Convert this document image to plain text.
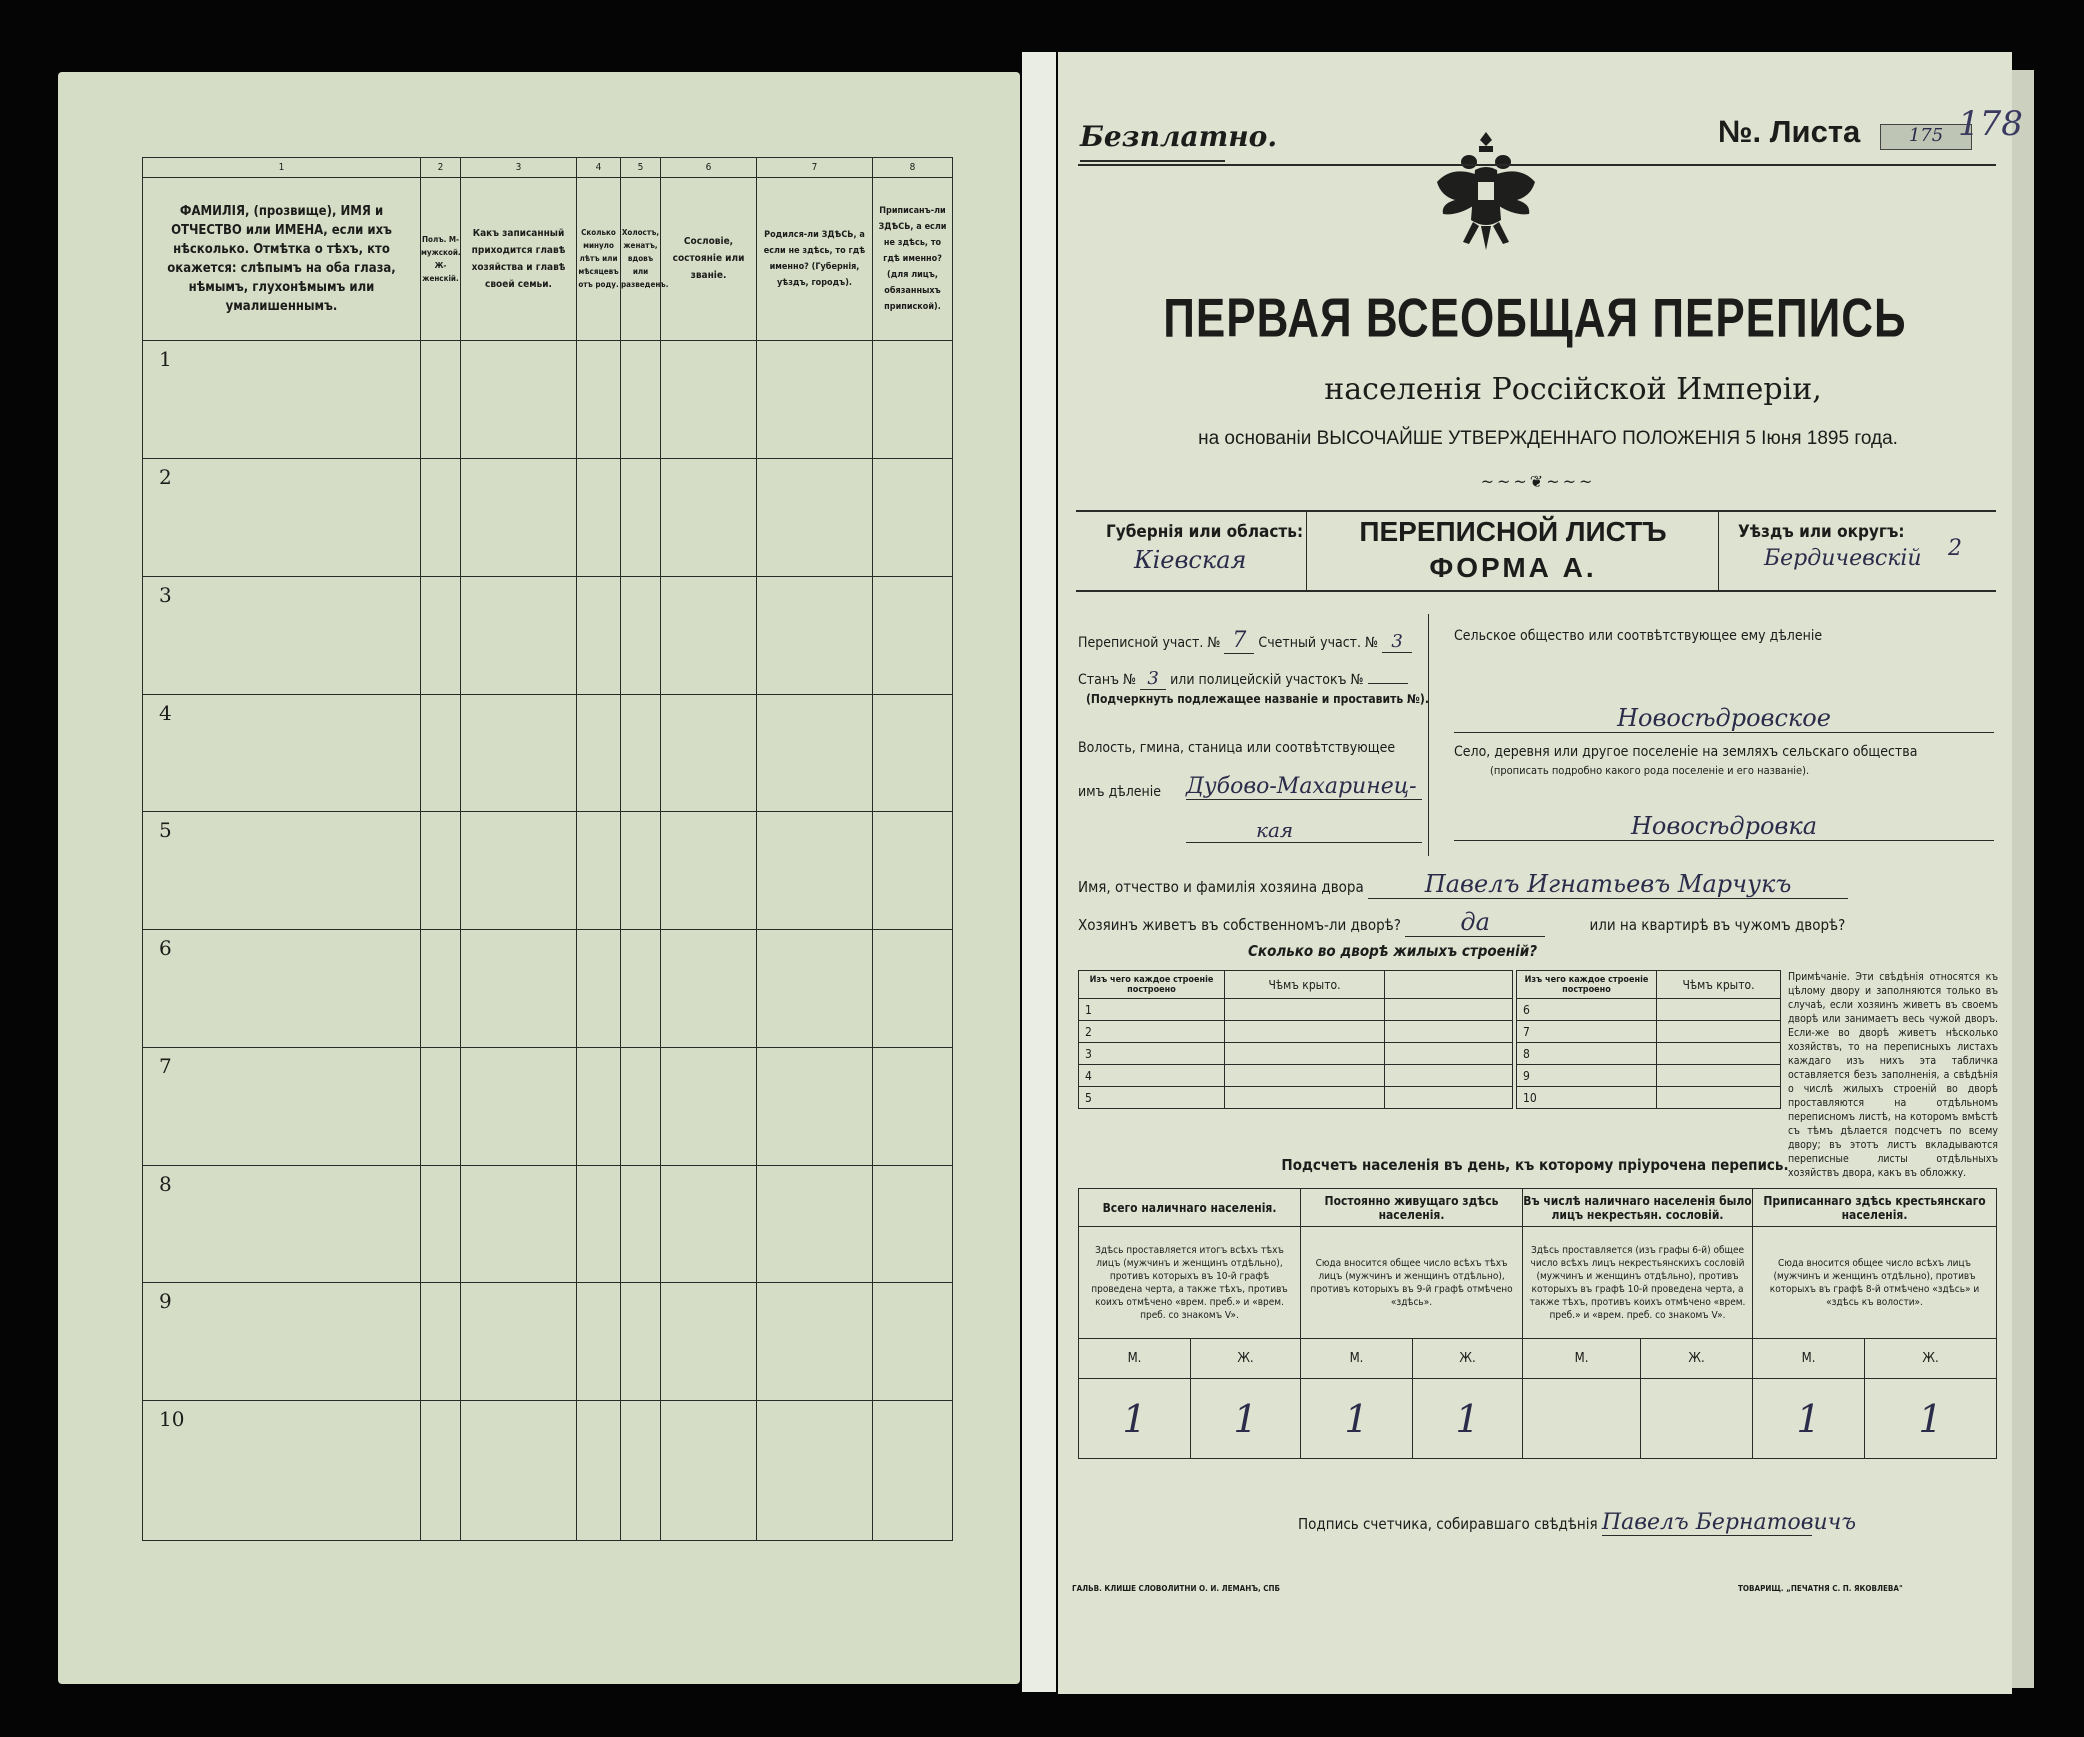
1	2	3	4	5	6	7	8
ФАМИЛІЯ, (прозвище), ИМЯ и ОТЧЕСТВО или ИМЕНА, если ихъ нѣсколько. Отмѣтка о тѣхъ, кто окажется: слѣпымъ на оба глаза, нѣмымъ, глухонѣмымъ или умалишеннымъ.	Полъ. М-мужской. Ж-женскій.	Какъ записанный приходится главѣ хозяйства и главѣ своей семьи.	Сколько минуло лѣтъ или мѣсяцевъ отъ роду.	Холостъ, женатъ, вдовъ или разведенъ.	Сословіе, состояніе или званіе.	Родился-ли ЗДѢСЬ, а если не здѣсь, то гдѣ именно? (Губернія, уѣздъ, городъ).	Приписанъ-ли ЗДѢСЬ, а если не здѣсь, то гдѣ именно? (для лицъ, обязанныхъ припиской).
1							
2							
3							
4							
5							
6							
7							
8							
9							
10							
Безплатно.	№. Листа	175 178
ПЕРВАЯ ВСЕОБЩАЯ ПЕРЕПИСЬ
населенія Россійской Имперіи,
на основаніи ВЫСОЧАЙШЕ УТВЕРЖДЕННАГО ПОЛОЖЕНІЯ 5 Іюня 1895 года.
~~~❦~~~
Губернія или область:
Кіевская
ПЕРЕПИСНОЙ ЛИСТЪ
ФОРМА А.
Уѣздъ или округъ:
Бердичевскій 2
Переписной участ. № 7 Счетный участ. № 3
Станъ № 3 или полицейскій участокъ №
(Подчеркнуть подлежащее названіе и проставить №).
Волость, гмина, станица или соотвѣтствующее
имъ дѣленіе Дубово-Махаринец-
кая
Сельское общество или соотвѣтствующее ему дѣленіе
Новосѣдровское
Село, деревня или другое поселеніе на земляхъ сельскаго общества
(прописать подробно какого рода поселеніе и его названіе).
Новосѣдровка
Имя, отчество и фамилія хозяина двора	Павелъ Игнатьевъ Марчукъ
Хозяинъ живетъ въ собственномъ-ли дворѣ? да	или на квартирѣ въ чужомъ дворѣ?
Сколько во дворѣ жилыхъ строеній?
Изъ чего каждое строеніе построено	Чѣмъ крыто.	
1		
2		
3		
4		
5		
Изъ чего каждое строеніе построено	Чѣмъ крыто.
6	
7	
8	
9	
10	
Примѣчаніе. Эти свѣдѣнія относятся къ цѣлому двору и заполняются только въ случаѣ, если хозяинъ живетъ въ своемъ дворѣ или занимаетъ весь чужой дворъ. Если-же во дворѣ живетъ нѣсколько хозяйствъ, то на переписныхъ листахъ каждаго изъ нихъ эта табличка оставляется безъ заполненія, а свѣдѣнія о числѣ жилыхъ строеній во дворѣ проставляются на отдѣльномъ переписномъ листѣ, на которомъ вмѣстѣ съ тѣмъ дѣлается подсчетъ по всему двору; въ этотъ листъ вкладываются переписные листы отдѣльныхъ хозяйствъ двора, какъ въ обложку.
Подсчетъ населенія въ день, къ которому пріурочена перепись.
Всего наличнаго населенія.		Постоянно живущаго здѣсь населенія.		Въ числѣ наличнаго населенія было лицъ некрестьян. сословій.		Приписаннаго здѣсь крестьянскаго населенія.	
Здѣсь проставляется итогъ всѣхъ тѣхъ лицъ (мужчинъ и женщинъ отдѣльно), противъ которыхъ въ 10-й графѣ проведена черта, а также тѣхъ, противъ коихъ отмѣчено «врем. преб.» и «врем. преб. со знакомъ V».		Сюда вносится общее число всѣхъ тѣхъ лицъ (мужчинъ и женщинъ отдѣльно), противъ которыхъ въ 9-й графѣ отмѣчено «здѣсь».		Здѣсь проставляется (изъ графы 6-й) общее число всѣхъ лицъ некрестьянскихъ сословій (мужчинъ и женщинъ отдѣльно), противъ которыхъ въ графѣ 10-й проведена черта, а также тѣхъ, противъ коихъ отмѣчено «врем. преб.» и «врем. преб. со знакомъ V».		Сюда вносится общее число всѣхъ лицъ (мужчинъ и женщинъ отдѣльно), противъ которыхъ въ графѣ 8-й отмѣчено «здѣсь» и «здѣсь къ волости».	
М.	Ж.	М.	Ж.	М.	Ж.	М.	Ж.
1	1	1	1			1	1
Подпись счетчика, собиравшаго свѣдѣнія Павелъ Бернатовичъ
ГАЛЬВ. КЛИШЕ СЛОВОЛИТНИ О. И. ЛЕМАНЪ, СПБ	ТОВАРИЩ. „ПЕЧАТНЯ С. П. ЯКОВЛЕВА"
